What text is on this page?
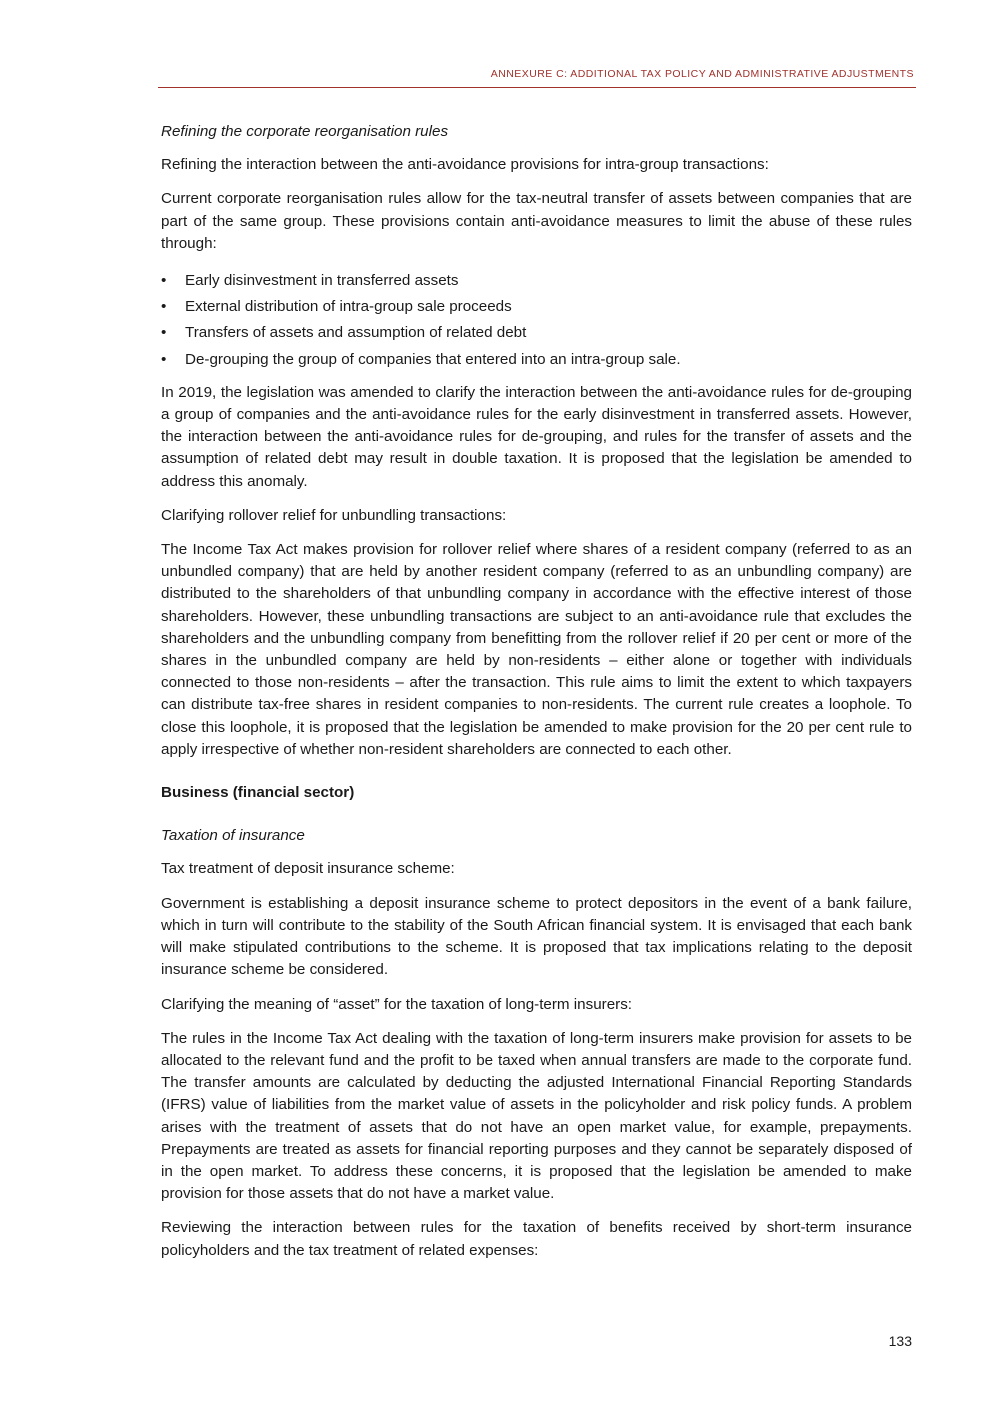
ANNEXURE C: ADDITIONAL TAX POLICY AND ADMINISTRATIVE ADJUSTMENTS

Refining the corporate reorganisation rules

Refining the interaction between the anti-avoidance provisions for intra-group transactions:

Current corporate reorganisation rules allow for the tax-neutral transfer of assets between companies that are part of the same group. These provisions contain anti-avoidance measures to limit the abuse of these rules through:

• Early disinvestment in transferred assets
• External distribution of intra-group sale proceeds
• Transfers of assets and assumption of related debt
• De-grouping the group of companies that entered into an intra-group sale.

In 2019, the legislation was amended to clarify the interaction between the anti-avoidance rules for de-grouping a group of companies and the anti-avoidance rules for the early disinvestment in transferred assets. However, the interaction between the anti-avoidance rules for de-grouping, and rules for the transfer of assets and the assumption of related debt may result in double taxation. It is proposed that the legislation be amended to address this anomaly.

Clarifying rollover relief for unbundling transactions:

The Income Tax Act makes provision for rollover relief where shares of a resident company (referred to as an unbundled company) that are held by another resident company (referred to as an unbundling company) are distributed to the shareholders of that unbundling company in accordance with the effective interest of those shareholders. However, these unbundling transactions are subject to an anti-avoidance rule that excludes the shareholders and the unbundling company from benefitting from the rollover relief if 20 per cent or more of the shares in the unbundled company are held by non-residents – either alone or together with individuals connected to those non-residents – after the transaction. This rule aims to limit the extent to which taxpayers can distribute tax-free shares in resident companies to non-residents. The current rule creates a loophole. To close this loophole, it is proposed that the legislation be amended to make provision for the 20 per cent rule to apply irrespective of whether non-resident shareholders are connected to each other.

Business (financial sector)

Taxation of insurance

Tax treatment of deposit insurance scheme:

Government is establishing a deposit insurance scheme to protect depositors in the event of a bank failure, which in turn will contribute to the stability of the South African financial system. It is envisaged that each bank will make stipulated contributions to the scheme. It is proposed that tax implications relating to the deposit insurance scheme be considered.

Clarifying the meaning of “asset” for the taxation of long-term insurers:

The rules in the Income Tax Act dealing with the taxation of long-term insurers make provision for assets to be allocated to the relevant fund and the profit to be taxed when annual transfers are made to the corporate fund. The transfer amounts are calculated by deducting the adjusted International Financial Reporting Standards (IFRS) value of liabilities from the market value of assets in the policyholder and risk policy funds. A problem arises with the treatment of assets that do not have an open market value, for example, prepayments. Prepayments are treated as assets for financial reporting purposes and they cannot be separately disposed of in the open market. To address these concerns, it is proposed that the legislation be amended to make provision for those assets that do not have a market value.

Reviewing the interaction between rules for the taxation of benefits received by short-term insurance policyholders and the tax treatment of related expenses:

133
